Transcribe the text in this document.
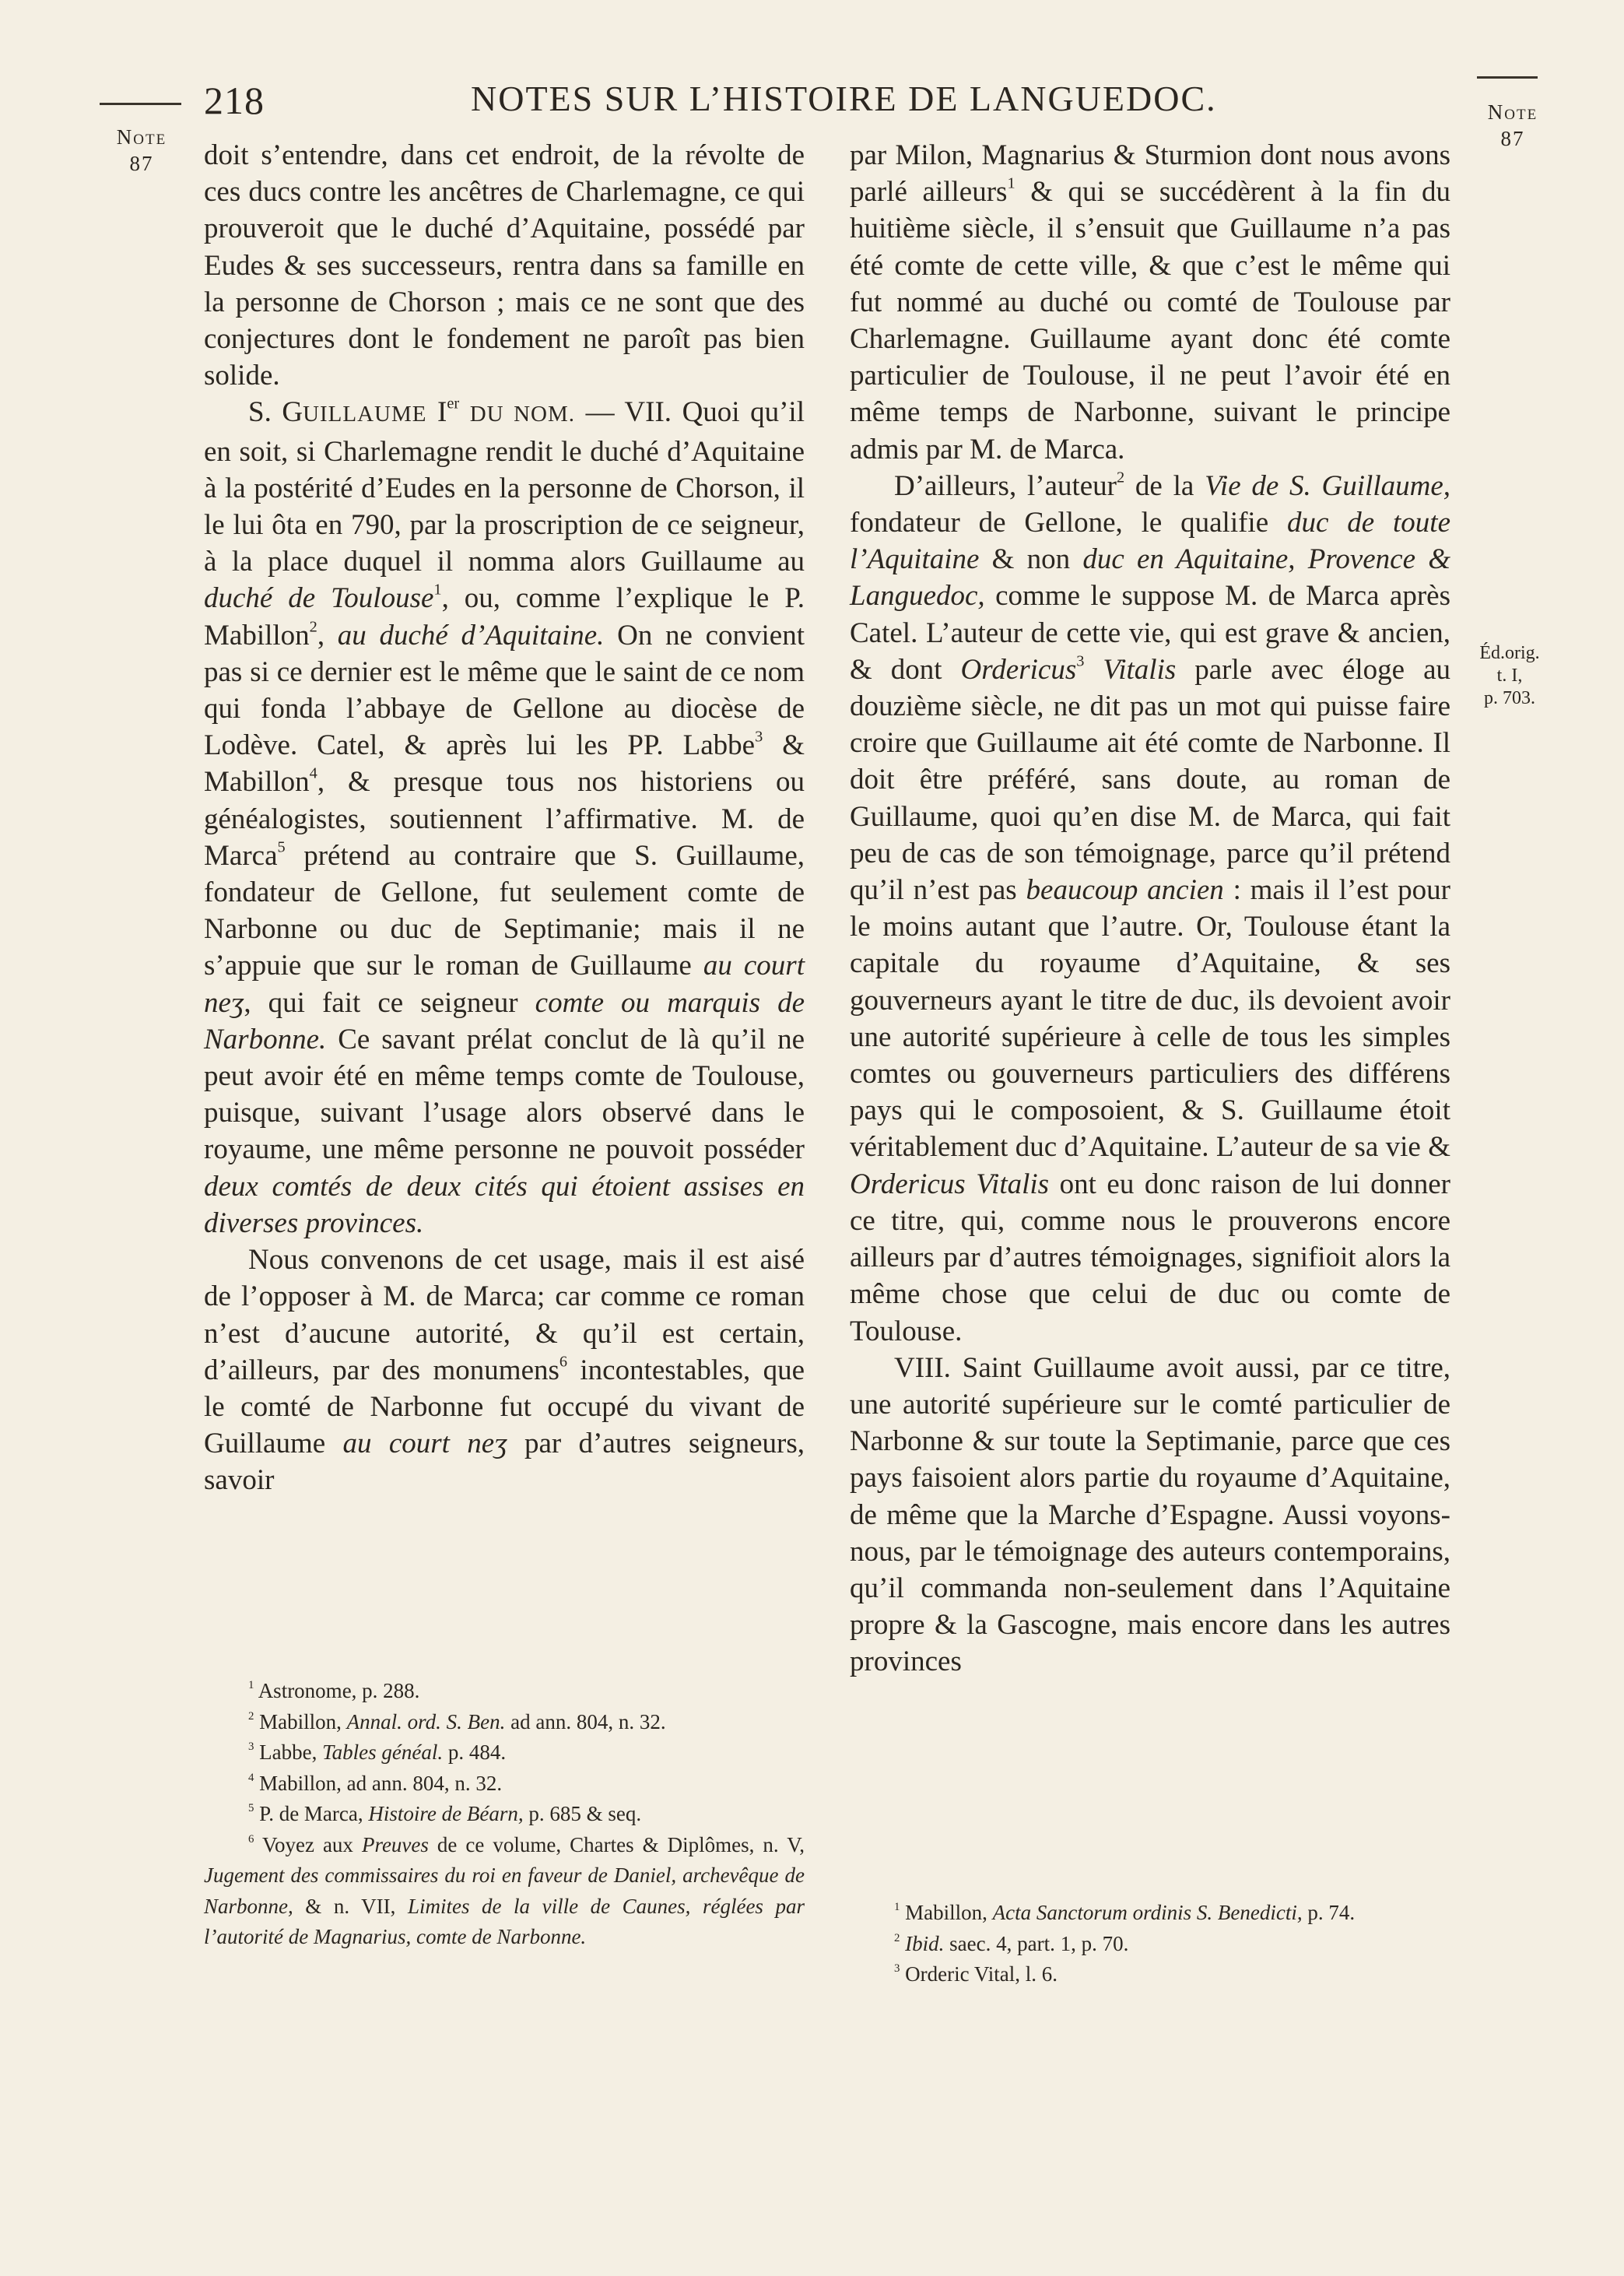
218	NOTES SUR L’HISTOIRE DE LANGUEDOC.
Note
87
Note
87
Éd.orig.
t. I,
p. 703.

doit s’entendre, dans cet endroit, de la révolte de ces ducs contre les ancêtres de Charlemagne, ce qui prouveroit que le duché d’Aquitaine, possédé par Eudes & ses successeurs, rentra dans sa famille en la personne de Chorson ; mais ce ne sont que des conjectures dont le fondement ne paroît pas bien solide.

S. GUILLAUME Ier DU NOM. — VII. Quoi qu’il en soit, si Charlemagne rendit le duché d’Aquitaine à la postérité d’Eudes en la personne de Chorson, il le lui ôta en 790, par la proscription de ce seigneur, à la place duquel il nomma alors Guillaume au duché de Toulouse$^1$, ou, comme l’explique le P. Mabillon$^2$, au duché d’Aquitaine. On ne convient pas si ce dernier est le même que le saint de ce nom qui fonda l’abbaye de Gellone au diocèse de Lodève. Catel, & après lui les PP. Labbe$^3$ & Mabillon$^4$, & presque tous nos historiens ou généalogistes, soutiennent l’affirmative. M. de Marca$^5$ prétend au contraire que S. Guillaume, fondateur de Gellone, fut seulement comte de Narbonne ou duc de Septimanie; mais il ne s’appuie que sur le roman de Guillaume au court neʒ, qui fait ce seigneur comte ou marquis de Narbonne. Ce savant prélat conclut de là qu’il ne peut avoir été en même temps comte de Toulouse, puisque, suivant l’usage alors observé dans le royaume, une même personne ne pouvoit posséder deux comtés de deux cités qui étoient assises en diverses provinces.

Nous convenons de cet usage, mais il est aisé de l’opposer à M. de Marca; car comme ce roman n’est d’aucune autorité, & qu’il est certain, d’ailleurs, par des monumens$^6$ incontestables, que le comté de Narbonne fut occupé du vivant de Guillaume au court neʒ par d’autres seigneurs, savoir

$^1$ Astronome, p. 288.

$^2$ Mabillon, Annal. ord. S. Ben. ad ann. 804, n. 32.

$^3$ Labbe, Tables généal. p. 484.

$^4$ Mabillon, ad ann. 804, n. 32.

$^5$ P. de Marca, Histoire de Béarn, p. 685 & seq.

$^6$ Voyez aux Preuves de ce volume, Chartes & Diplômes, n. V, Jugement des commissaires du roi en faveur de Daniel, archevêque de Narbonne, & n. VII, Limites de la ville de Caunes, réglées par l’autorité de Magnarius, comte de Narbonne.

par Milon, Magnarius & Sturmion dont nous avons parlé ailleurs$^1$ & qui se succédèrent à la fin du huitième siècle, il s’ensuit que Guillaume n’a pas été comte de cette ville, & que c’est le même qui fut nommé au duché ou comté de Toulouse par Charlemagne. Guillaume ayant donc été comte particulier de Toulouse, il ne peut l’avoir été en même temps de Narbonne, suivant le principe admis par M. de Marca.

D’ailleurs, l’auteur$^2$ de la Vie de S. Guillaume, fondateur de Gellone, le qualifie duc de toute l’Aquitaine & non duc en Aquitaine, Provence & Languedoc, comme le suppose M. de Marca après Catel. L’auteur de cette vie, qui est grave & ancien, & dont Ordericus$^3$ Vitalis parle avec éloge au douzième siècle, ne dit pas un mot qui puisse faire croire que Guillaume ait été comte de Narbonne. Il doit être préféré, sans doute, au roman de Guillaume, quoi qu’en dise M. de Marca, qui fait peu de cas de son témoignage, parce qu’il prétend qu’il n’est pas beaucoup ancien : mais il l’est pour le moins autant que l’autre. Or, Toulouse étant la capitale du royaume d’Aquitaine, & ses gouverneurs ayant le titre de duc, ils devoient avoir une autorité supérieure à celle de tous les simples comtes ou gouverneurs particuliers des différens pays qui le composoient, & S. Guillaume étoit véritablement duc d’Aquitaine. L’auteur de sa vie & Ordericus Vitalis ont eu donc raison de lui donner ce titre, qui, comme nous le prouverons encore ailleurs par d’autres témoignages, signifioit alors la même chose que celui de duc ou comte de Toulouse.

VIII. Saint Guillaume avoit aussi, par ce titre, une autorité supérieure sur le comté particulier de Narbonne & sur toute la Septimanie, parce que ces pays faisoient alors partie du royaume d’Aquitaine, de même que la Marche d’Espagne. Aussi voyons-nous, par le témoignage des auteurs contemporains, qu’il commanda non-seulement dans l’Aquitaine propre & la Gascogne, mais encore dans les autres provinces

$^1$ Mabillon, Acta Sanctorum ordinis S. Benedicti, p. 74.

$^2$ Ibid. saec. 4, part. 1, p. 70.

$^3$ Orderic Vital, l. 6.
